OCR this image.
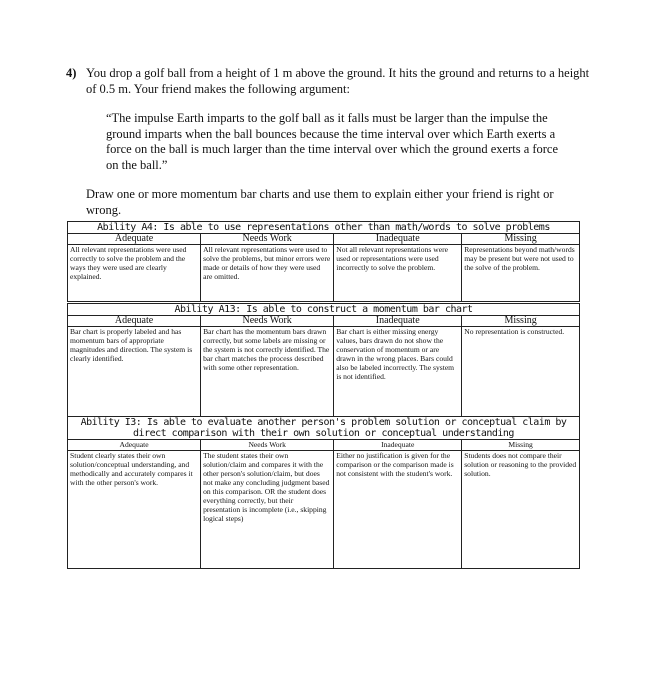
4) You drop a golf ball from a height of 1 m above the ground. It hits the ground and returns to a height of 0.5 m. Your friend makes the following argument:
“The impulse Earth imparts to the golf ball as it falls must be larger than the impulse the ground imparts when the ball bounces because the time interval over which Earth exerts a force on the ball is much larger than the time interval over which the ground exerts a force on the ball.”
Draw one or more momentum bar charts and use them to explain either your friend is right or wrong.
Ability A4: Is able to use representations other than math/words to solve problems			
Adequate	Needs Work	Inadequate	Missing
All relevant representations were used correctly to solve the problem and the ways they were used are clearly explained.	All relevant representations were used to solve the problems, but minor errors were made or details of how they were used are omitted.	Not all relevant representations were used or representations were used incorrectly to solve the problem.	Representations beyond math/words may be present but were not used to the solve of the problem.
Ability A13: Is able to construct a momentum bar chart			
Adequate	Needs Work	Inadequate	Missing
Bar chart is properly labeled and has momentum bars of appropriate magnitudes and direction. The system is clearly identified.	Bar chart has the momentum bars drawn correctly, but some labels are missing or the system is not correctly identified. The bar chart matches the process described with some other representation.	Bar chart is either missing energy values, bars drawn do not show the conservation of momentum or are drawn in the wrong places. Bars could also be labeled incorrectly. The system is not identified.	No representation is constructed.
Ability I3: Is able to evaluate another person's problem solution or conceptual claim by direct comparison with their own solution or conceptual understanding			
Adequate	Needs Work	Inadequate	Missing
Student clearly states their own solution/conceptual understanding, and methodically and accurately compares it with the other person's work.	The student states their own solution/claim and compares it with the other person's solution/claim, but does not make any concluding judgment based on this comparison. OR the student does everything correctly, but their presentation is incomplete (i.e., skipping logical steps)	Either no justification is given for the comparison or the comparison made is not consistent with the student's work.	Students does not compare their solution or reasoning to the provided solution.
